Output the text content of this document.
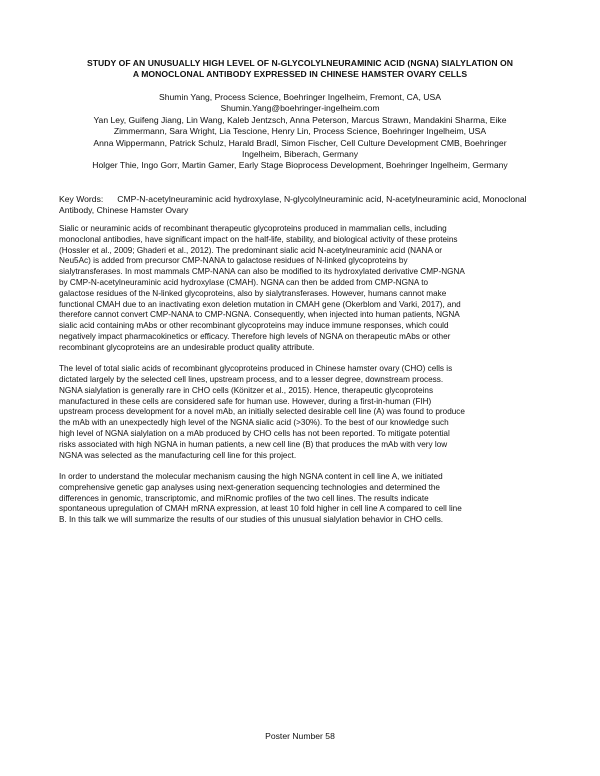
STUDY OF AN UNUSUALLY HIGH LEVEL OF N-GLYCOLYLNEURAMINIC ACID (NGNA) SIALYLATION ON
A MONOCLONAL ANTIBODY EXPRESSED IN CHINESE HAMSTER OVARY CELLS
Shumin Yang, Process Science, Boehringer Ingelheim, Fremont, CA, USA
Shumin.Yang@boehringer-ingelheim.com
Yan Ley, Guifeng Jiang, Lin Wang, Kaleb Jentzsch, Anna Peterson, Marcus Strawn, Mandakini Sharma, Eike
Zimmermann, Sara Wright, Lia Tescione, Henry Lin, Process Science, Boehringer Ingelheim, USA
Anna Wippermann, Patrick Schulz, Harald Bradl, Simon Fischer, Cell Culture Development CMB, Boehringer
Ingelheim, Biberach, Germany
Holger Thie, Ingo Gorr, Martin Gamer, Early Stage Bioprocess Development, Boehringer Ingelheim, Germany
Key Words: CMP-N-acetylneuraminic acid hydroxylase, N-glycolylneuraminic acid, N-acetylneuraminic acid, Monoclonal Antibody, Chinese Hamster Ovary

Sialic or neuraminic acids of recombinant therapeutic glycoproteins produced in mammalian cells, including
monoclonal antibodies, have significant impact on the half-life, stability, and biological activity of these proteins
(Hossler et al., 2009; Ghaderi et al., 2012). The predominant sialic acid N-acetylneuraminic acid (NANA or
Neu5Ac) is added from precursor CMP-NANA to galactose residues of N-linked glycoproteins by
sialytransferases. In most mammals CMP-NANA can also be modified to its hydroxylated derivative CMP-NGNA
by CMP-N-acetylneuraminic acid hydroxylase (CMAH). NGNA can then be added from CMP-NGNA to
galactose residues of the N-linked glycoproteins, also by sialytransferases. However, humans cannot make
functional CMAH due to an inactivating exon deletion mutation in CMAH gene (Okerblom and Varki, 2017), and
therefore cannot convert CMP-NANA to CMP-NGNA. Consequently, when injected into human patients, NGNA
sialic acid containing mAbs or other recombinant glycoproteins may induce immune responses, which could
negatively impact pharmacokinetics or efficacy. Therefore high levels of NGNA on therapeutic mAbs or other
recombinant glycoproteins are an undesirable product quality attribute.

The level of total sialic acids of recombinant glycoproteins produced in Chinese hamster ovary (CHO) cells is
dictated largely by the selected cell lines, upstream process, and to a lesser degree, downstream process.
NGNA sialylation is generally rare in CHO cells (Könitzer et al., 2015). Hence, therapeutic glycoproteins
manufactured in these cells are considered safe for human use. However, during a first-in-human (FIH)
upstream process development for a novel mAb, an initially selected desirable cell line (A) was found to produce
the mAb with an unexpectedly high level of the NGNA sialic acid (>30%). To the best of our knowledge such
high level of NGNA sialylation on a mAb produced by CHO cells has not been reported. To mitigate potential
risks associated with high NGNA in human patients, a new cell line (B) that produces the mAb with very low
NGNA was selected as the manufacturing cell line for this project.

In order to understand the molecular mechanism causing the high NGNA content in cell line A, we initiated
comprehensive genetic gap analyses using next-generation sequencing technologies and determined the
differences in genomic, transcriptomic, and miRnomic profiles of the two cell lines. The results indicate
spontaneous upregulation of CMAH mRNA expression, at least 10 fold higher in cell line A compared to cell line
B. In this talk we will summarize the results of our studies of this unusual sialylation behavior in CHO cells.

Poster Number 58
